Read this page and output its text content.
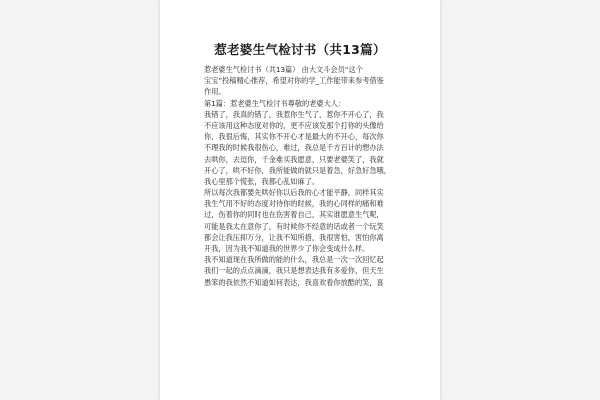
惹老婆生气检讨书（共13篇）
惹老婆生气检讨书（共13篇） 由大文斗会员“这个
宝宝”投稿精心推荐，希望对你的学_工作能带来参考借鉴
作用。
第1篇：惹老婆生气检讨书尊敬的老婆大人：
我错了，我真的错了，我惹你生气了，惹你不开心了，我
不应该用这种态度对你的，更不应该发那个打你的头像给
你，我很后悔，其实你不开心才是最大的不开心，每次你
不理我的时候我很伤心，难过，我总是千方百计的想办法
去哄你，去逗你，千金难买我愿意，只要老婆笑了，我就
开心了，哄不好你，我所能做的就只是着急，好急好急哦，
我心里那个慌张，我都心乱如麻了。
所以每次我都要先哄好你以后我的心才能平静，同样其实
我生气用不好的态度对待你的时候，我的心同样的痛和难
过，伤着你的同时也在伤害着自己，其实谁愿意生气呢，
可能是我太在意你了，有时候你不经意的话或者一个玩笑
都会让我压抑万分，让我不知所措，我很害怕，害怕你离
开我，因为我不知道我的世界少了你会变成什么样。
我不知道现在我所做的能的什么，我总是一次一次回忆起
我们一起的点点滴滴，我只是想表达我有多爱你，但天生
愚笨的我依然不知道如何表达，我喜欢看你放酷的笑，喜
